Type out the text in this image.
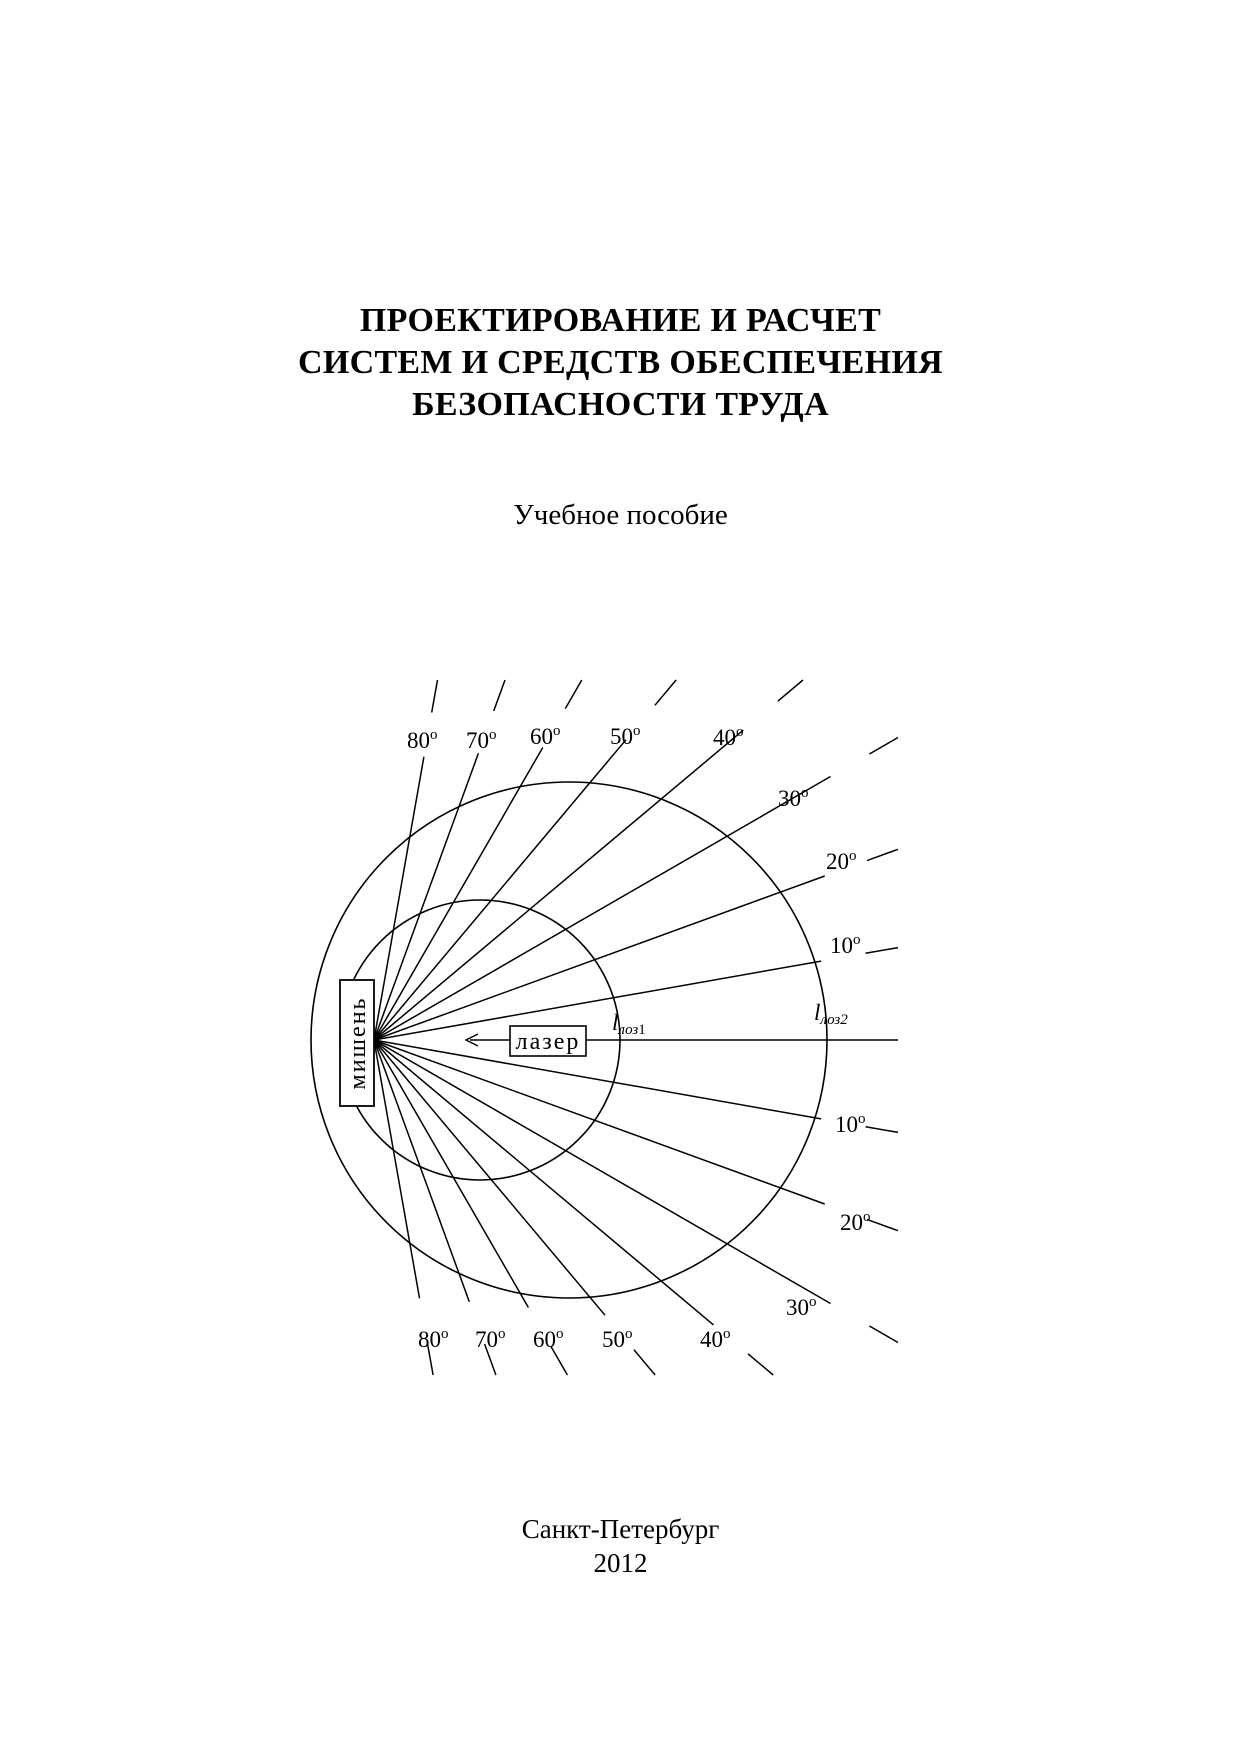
ПРОЕКТИРОВАНИЕ И РАСЧЕТ
СИСТЕМ И СРЕДСТВ ОБЕСПЕЧЕНИЯ
БЕЗОПАСНОСТИ ТРУДА
Учебное пособие
лазер
мишень	lлоз1
lлоз2
80$^o$ 70$^o$ 60$^o$ 50$^o$	40$^o$
30$^o$
20$^o$
10$^o$
10$^o$
20$^o$
30$^o$
40$^o$
50$^o$
60$^o$
70$^o$
80$^o$
Санкт-Петербург
2012
